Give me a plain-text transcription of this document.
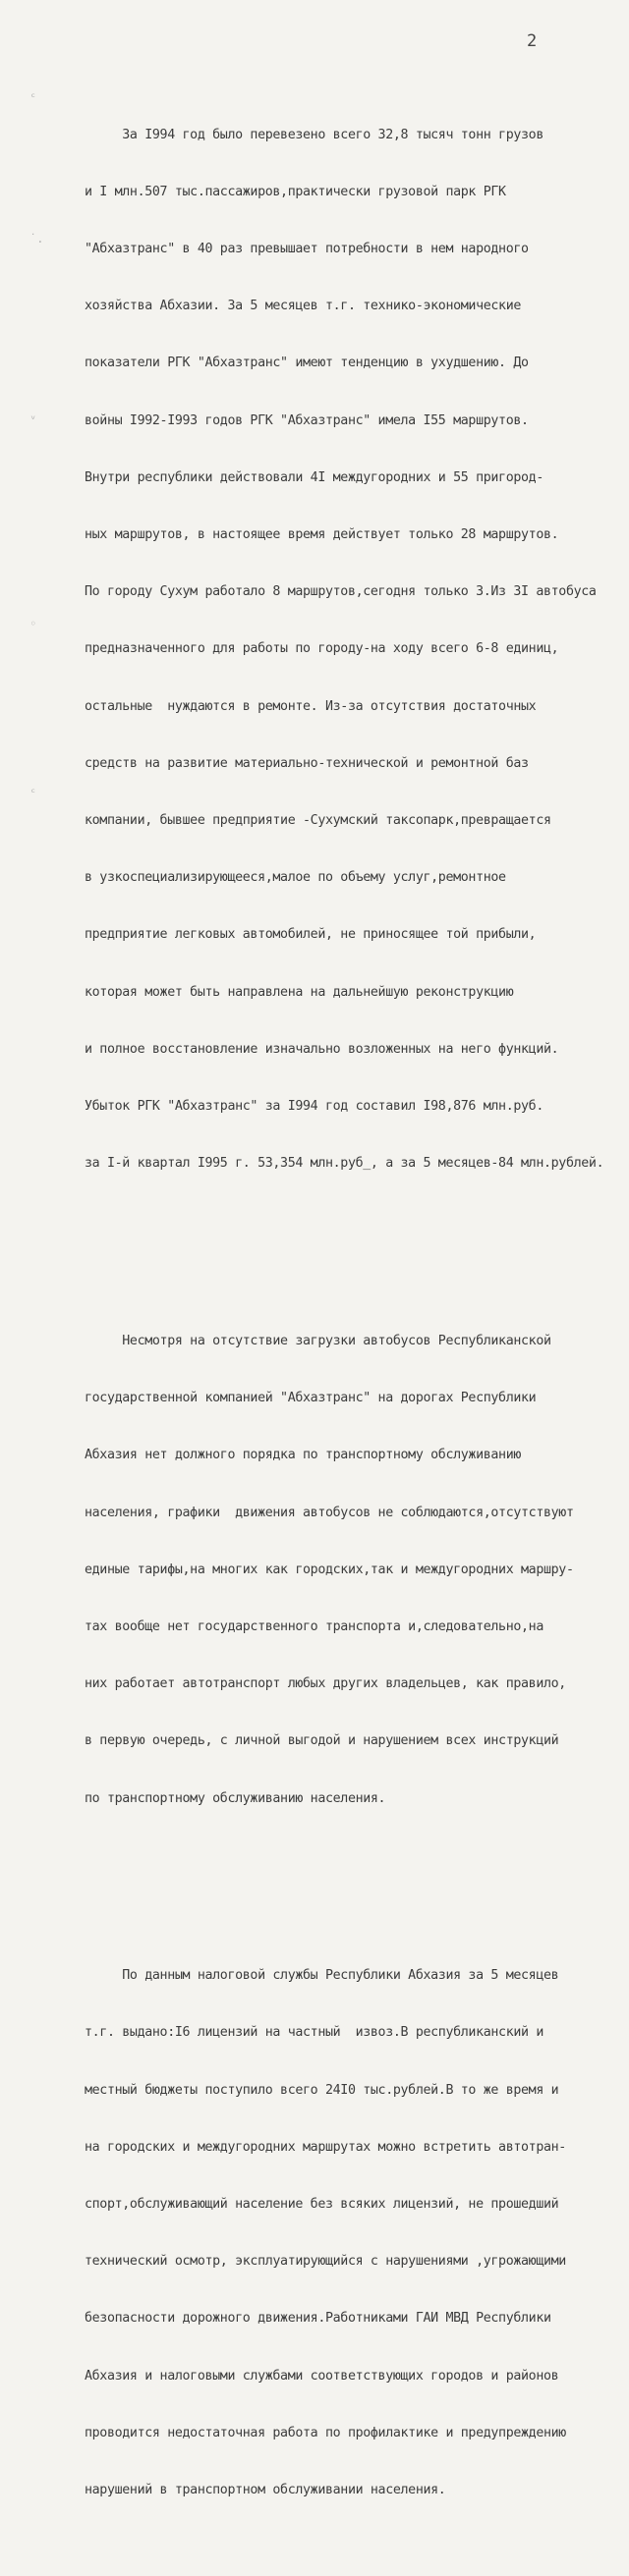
2
ᶜ
˙.
ᵛ
◦
ᶜ

За I994 год было перевезено всего 32,8 тысяч тонн грузов

и I млн.507 тыс.пассажиров,практически грузовой парк РГК

"Абхазтранс" в 40 раз превышает потребности в нем народного

хозяйства Абхазии. За 5 месяцев т.г. технико-экономические

показатели РГК "Абхазтранс" имеют тенденцию в ухудшению. До

войны I992-I993 годов РГК "Абхазтранс" имела I55 маршрутов.

Внутри республики действовали 4I междугородних и 55 пригород-

ных маршрутов, в настоящее время действует только 28 маршрутов.

По городу Сухум работало 8 маршрутов,сегодня только 3.Из 3I автобуса

предназначенного для работы по городу-на ходу всего 6-8 единиц,

остальные  нуждаются в ремонте. Из-за отсутствия достаточных

средств на развитие материально-технической и ремонтной баз

компании, бывшее предприятие -Сухумский таксопарк,превращается

в узкоспециализирующееся,малое по объему услуг,ремонтное

предприятие легковых автомобилей, не приносящее той прибыли,

которая может быть направлена на дальнейшую реконструкцию

и полное восстановление изначально возложенных на него функций.

Убыток РГК "Абхазтранс" за I994 год составил I98,876 млн.руб.

за I-й квартал I995 г. 53,354 млн.руб_, а за 5 месяцев-84 млн.рублей.

Несмотря на отсутствие загрузки автобусов Республиканской

государственной компанией "Абхазтранс" на дорогах Республики

Абхазия нет должного порядка по транспортному обслуживанию

населения, графики  движения автобусов не соблюдаются,отсутствуют

единые тарифы,на многих как городских,так и междугородних маршру-

тах вообще нет государственного транспорта и,следовательно,на

них работает автотранспорт любых других владельцев, как правило,

в первую очередь, с личной выгодой и нарушением всех инструкций

по транспортному обслуживанию населения.

По данным налоговой службы Республики Абхазия за 5 месяцев

т.г. выдано:I6 лицензий на частный  извоз.В республиканский и

местный бюджеты поступило всего 24I0 тыс.рублей.В то же время и

на городских и междугородних маршрутах можно встретить автотран-

спорт,обслуживающий население без всяких лицензий, не прошедший

технический осмотр, эксплуатирующийся с нарушениями ,угрожающими

безопасности дорожного движения.Работниками ГАИ МВД Республики

Абхазия и налоговыми службами соответствующих городов и районов

проводится недостаточная работа по профилактике и предупреждению

нарушений в транспортном обслуживании населения.
